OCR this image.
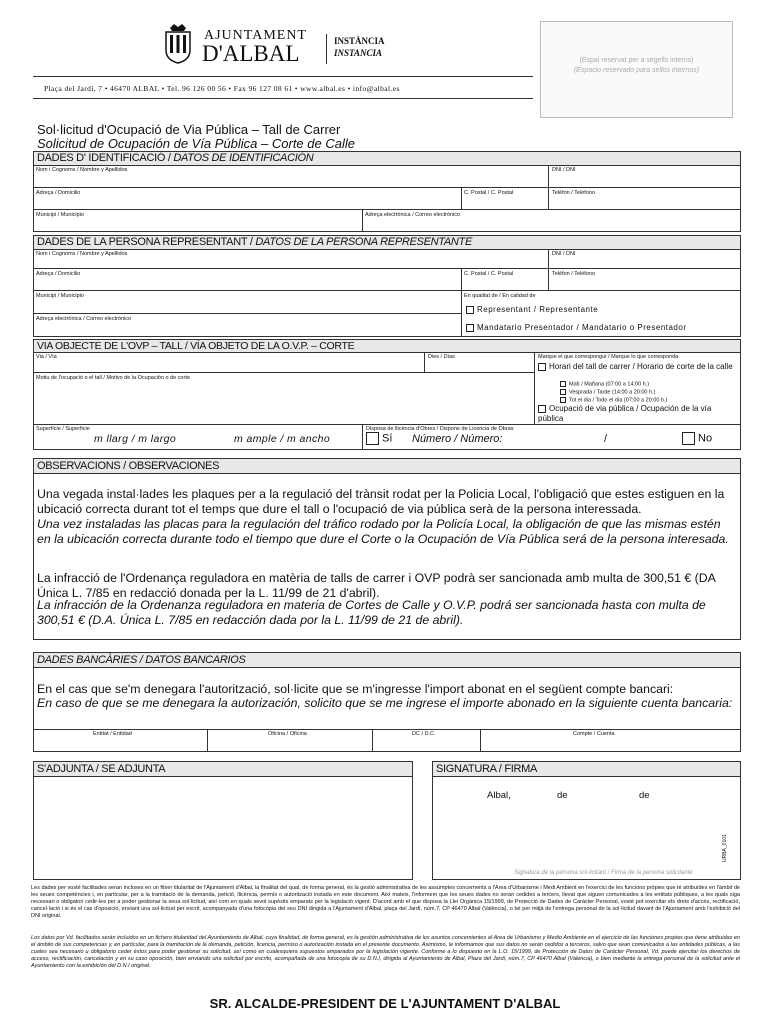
AJUNTAMENT
D'ALBAL	INSTÀNCIA
INSTANCIA
(Espai reservat per a segells interns)
(Espacio reservado para sellos internos)
Plaça del Jardí, 7 • 46470 ALBAL • Tel. 96 126 00 56 • Fax 96 127 08 61 • www.albal.es • info@albal.es
Sol·licitud d'Ocupació de Via Pública – Tall de Carrer
Solicitud de Ocupación de Vía Pública – Corte de Calle
DADES D' IDENTIFICACIÓ / DATOS DE IDENTIFICACIÓN
Nom i Cognoms / Nombre y Apellidos	DNI / DNI
Adreça / Domicilio	C. Postal / C. Postal	Telèfon / Teléfono
Municipi / Municipio	Adreça electrònica / Correo electrónico
DADES DE LA PERSONA REPRESENTANT / DATOS DE LA PERSONA REPRESENTANTE
Nom i Cognoms / Nombre y Apellidos	DNI / DNI
Adreça / Domicilio	C. Postal / C. Postal	Telèfon / Teléfono
Municipi / Municipio	En qualitat de / En calidad de
Adreça electrònica / Correo electrónico
Representant / Representante
Mandatario Presentador / Mandatario o Presentador
VIA OBJECTE DE L'OVP – TALL / VÍA OBJETO DE LA O.V.P. – CORTE
Via / Vía	Dies / Días	Marque el que correspongui / Marque lo que corresponda
Horari del tall de carrer / Horario de corte de la calle
Matí / Mañana (07:00 a 14:00 h.)
Vesprada / Tarde (14:00 a 20:00 h.)
Tot el dia / Todo el día (07:00 a 20:00 h.)
Ocupació de via pública / Ocupación de la vía pública
Motiu de l'ocupació o el tall / Motivo de la Ocupación o de corte
Superfície / Superficie
m llarg / m largo	m ample / m ancho
Disposa de llicència d'Obres / Dispone de Licencia de Obras
Sí Número / Número:	/	No
OBSERVACIONS / OBSERVACIONES
Una vegada instal·lades les plaques per a la regulació del trànsit rodat per la Policia Local, l'obligació que estes estiguen en la ubicació correcta durant tot el temps que dure el tall o l'ocupació de via pública serà de la persona interessada.
Una vez instaladas las placas para la regulación del tráfico rodado por la Policía Local, la obligación de que las mismas estén en la ubicación correcta durante todo el tiempo que dure el Corte o la Ocupación de Vía Pública será de la persona interesada.
La infracció de l'Ordenança reguladora en matèria de talls de carrer i OVP podrà ser sancionada amb multa de 300,51 € (DA Única L. 7/85 en redacció donada per la L. 11/99 de 21 d'abril).
La infracción de la Ordenanza reguladora en materia de Cortes de Calle y O.V.P. podrá ser sancionada hasta con multa de 300,51 € (D.A. Única L. 7/85 en redacción dada por la L. 11/99 de 21 de abril).
DADES BANCÀRIES / DATOS BANCARIOS
En el cas que se'm denegara l'autorització, sol·licite que se m'ingresse l'import abonat en el següent compte bancari:
En caso de que se me denegara la autorización, solicito que se me ingrese el importe abonado en la siguiente cuenta bancaria:
Entitat / Entidad	Oficina / Oficina	DC / D.C.	Compte / Cuenta
S'ADJUNTA / SE ADJUNTA	SIGNATURA / FIRMA
Albal,	de	de
Signatura de la persona sol·licitant / Firma de la persona solicitante
URBA_0101
Les dades per vosté facilitades seran incloses en un fitxer titularitat de l'Ajuntament d'Albal, la finalitat del qual, de forma general, és la gestió administrativa de les assumptes concernents a l'Àrea d'Urbanisme i Medi Ambient en l'exercici de les funcions pròpies que té atribuïdes en l'àmbit de les seues competències i, en particular, per a la tramitació de la demanda, petició, llicència, permís o autorització instada en este document. Així mateix, l'informem que les seues dades no seran cedides a tercers, llevat que siguen comunicades a les entitats públiques, a les quals siga necessari o obligatori cedir-les per a poder gestionar la seua sol·licitud, així com en quals sevol supòsits emparats per la legislació vigent. D'acord amb el que disposa la Llei Orgànica 15/1999, de Protecció de Dades de Caràcter Personal, vosté pot exercitar els drets d'accés, rectificació, cancel·lació i si és el cas d'oposició, enviant una sol·licitud per escrit, acompanyada d'una fotocòpia del seu DNI dirigida a l'Ajuntament d'Albal, plaça del Jardí, núm.7, CP 46470 Albal (València), o bé per mitjà de l'entrega personal de la sol·licitud davant de l'Ajuntament amb l'exhibició del DNI original.
Los datos por Vd. facilitados serán incluidos en un fichero titularidad del Ayuntamiento de Albal, cuya finalidad, de forma general, es la gestión administrativa de los asuntos concernientes al Área de Urbanismo y Medio Ambiente en el ejercicio de las funciones propias que tiene atribuidas en el ámbito de sus competencias y, en particular, para la tramitación de la demanda, petición, licencia, permiso o autorización instada en el presente documento. Asimismo, le informamos que sus datos no serán cedidos a terceros, salvo que sean comunicados a las entidades públicas, a las cuales sea necesario u obligatorio ceder éstos para poder gestionar su solicitud, así como en cualesquiera supuestos amparados por la legislación vigente. Conforme a lo dispuesto en la L.O. 15/1999, de Protección de Datos de Carácter Personal, Vd. puede ejercitar los derechos de acceso, rectificación, cancelación y en su caso oposición, bien enviando una solicitud por escrito, acompañada de una fotocopia de su D.N.I, dirigida al Ayuntamiento de Albal, Plaza del Jardí, núm.7, CP 46470 Albal (Valencia), o bien mediante la entrega personal de la solicitud ante el Ayuntamiento con la exhibición del D.N.I original.
SR. ALCALDE-PRESIDENT DE L'AJUNTAMENT D'ALBAL
